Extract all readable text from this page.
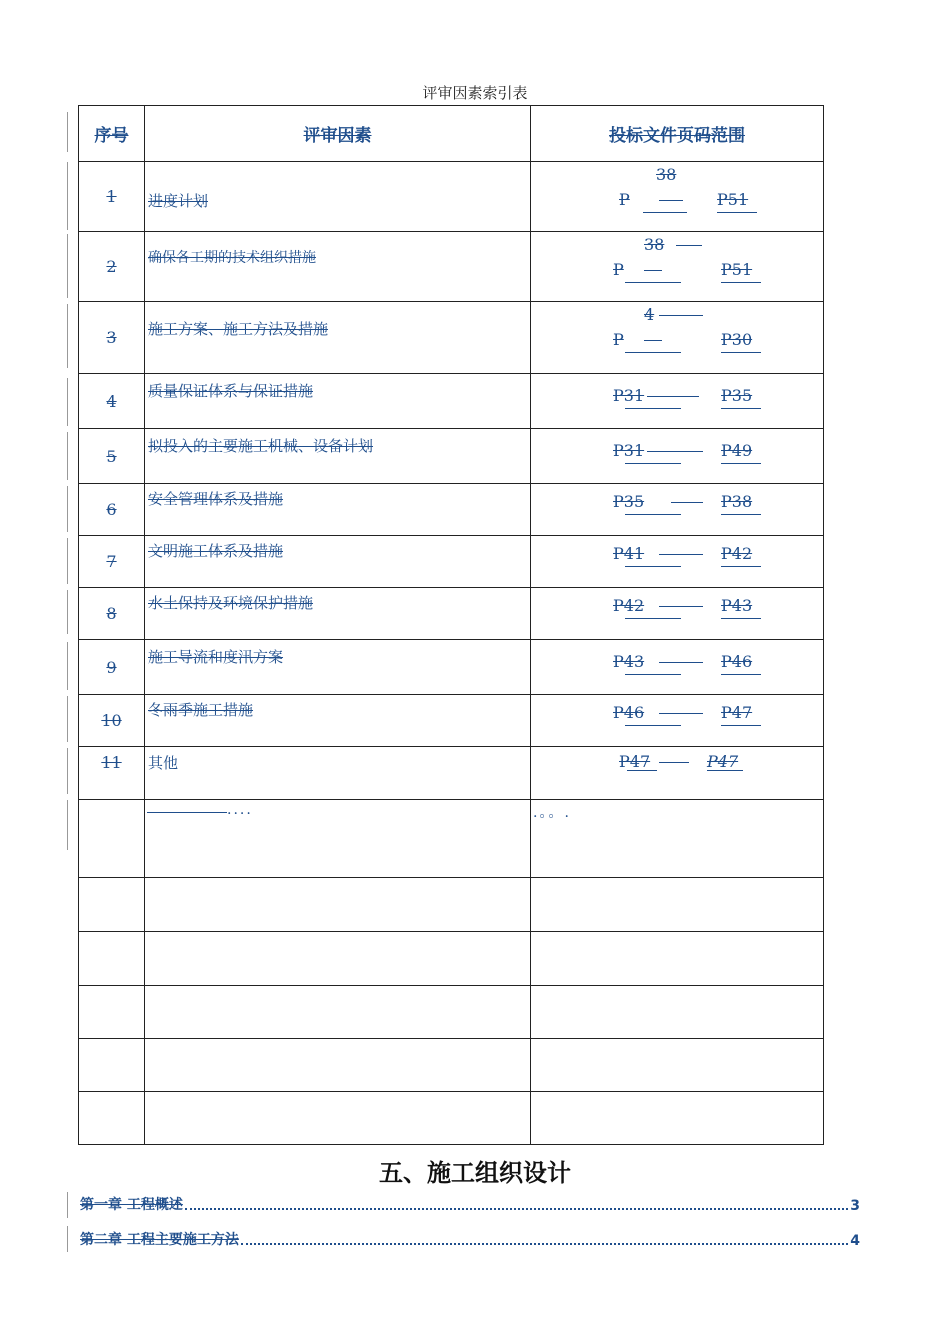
评审因素索引表
序号	评审因素	投标文件页码范围
1	进度计划	38
P P51

2	确保各工期的技术组织措施	38
P P51

3	施工方案、施工方法及措施	4
P P30

4	质量保证体系与保证措施	P31 P35

5	拟投入的主要施工机械、设备计划	P31 P49

6	安全管理体系及措施	P35 P38

7	文明施工体系及措施	P41 P42

8	水土保持及环境保护措施	P42 P43

9	施工导流和度汛方案	P43 P46

10	冬雨季施工措施	P46 P47

11	其他	P47 P47

	....	.。。.

五、施工组织设计
第一章 工程概述	3
第二章 工程主要施工方法	4
